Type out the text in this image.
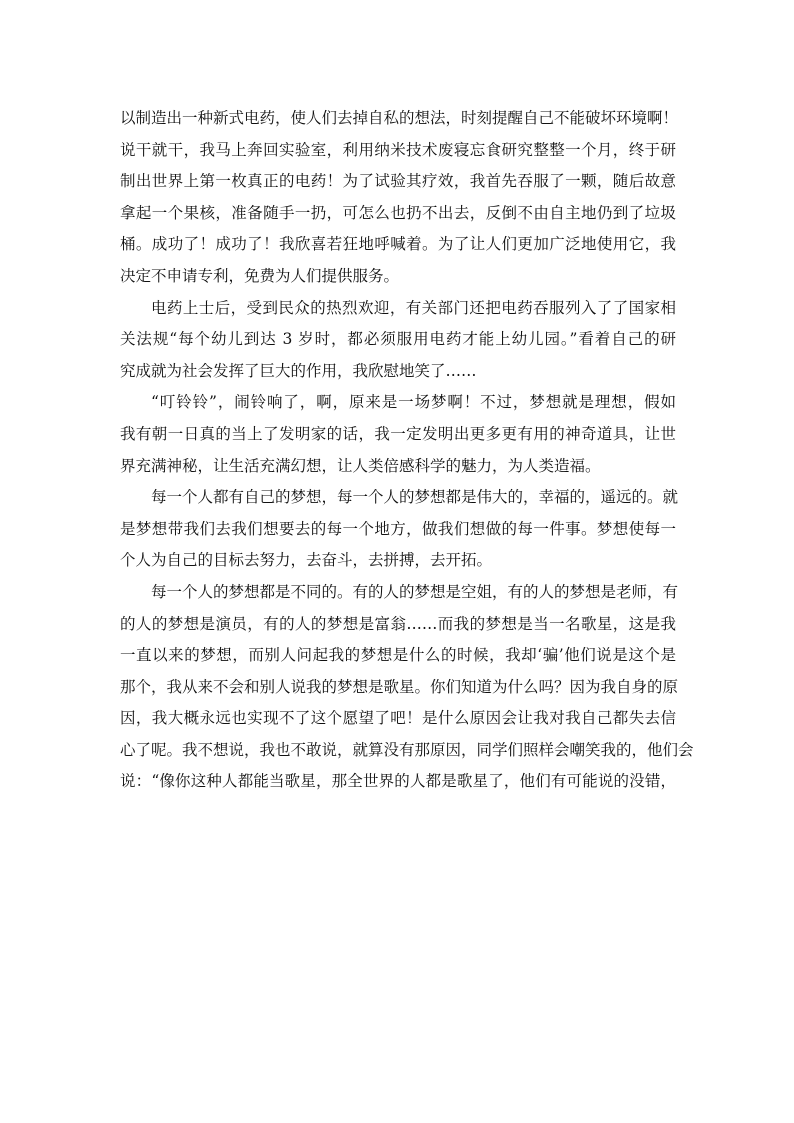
以制造出一种新式电药，使人们去掉自私的想法，时刻提醒自己不能破坏环境啊！
说干就干，我马上奔回实验室，利用纳米技术废寝忘食研究整整一个月，终于研
制出世界上第一枚真正的电药！为了试验其疗效，我首先吞服了一颗，随后故意
拿起一个果核，准备随手一扔，可怎么也扔不出去，反倒不由自主地仍到了垃圾
桶。成功了！成功了！我欣喜若狂地呼喊着。为了让人们更加广泛地使用它，我
决定不申请专利，免费为人们提供服务。
电药上士后，受到民众的热烈欢迎，有关部门还把电药吞服列入了了国家相
关法规“每个幼儿到达 3 岁时，都必须服用电药才能上幼儿园。”看着自己的研
究成就为社会发挥了巨大的作用，我欣慰地笑了……
“叮铃铃”，闹铃响了，啊，原来是一场梦啊！不过，梦想就是理想，假如
我有朝一日真的当上了发明家的话，我一定发明出更多更有用的神奇道具，让世
界充满神秘，让生活充满幻想，让人类倍感科学的魅力，为人类造福。
每一个人都有自己的梦想，每一个人的梦想都是伟大的，幸福的，遥远的。就
是梦想带我们去我们想要去的每一个地方，做我们想做的每一件事。梦想使每一
个人为自己的目标去努力，去奋斗，去拼搏，去开拓。
每一个人的梦想都是不同的。有的人的梦想是空姐，有的人的梦想是老师，有
的人的梦想是演员，有的人的梦想是富翁……而我的梦想是当一名歌星，这是我
一直以来的梦想，而别人问起我的梦想是什么的时候，我却‘骗’他们说是这个是
那个，我从来不会和别人说我的梦想是歌星。你们知道为什么吗？因为我自身的原
因，我大概永远也实现不了这个愿望了吧！是什么原因会让我对我自己都失去信
心了呢。我不想说，我也不敢说，就算没有那原因，同学们照样会嘲笑我的，他们会
说：“像你这种人都能当歌星，那全世界的人都是歌星了，他们有可能说的没错，
